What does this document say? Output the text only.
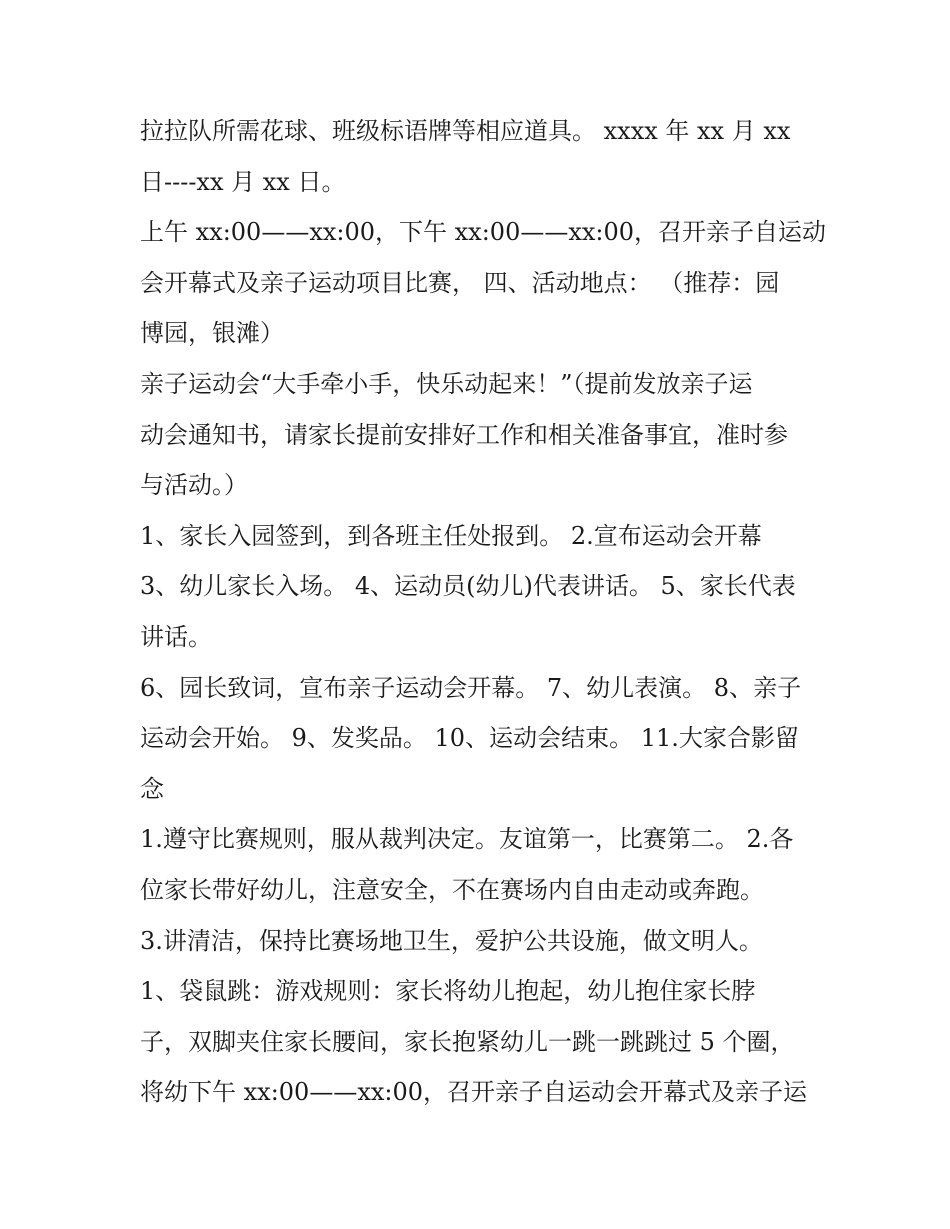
拉拉队所需花球、班级标语牌等相应道具。 xxxx 年 xx 月 xx
日----xx 月 xx 日。
上午 xx:00——xx:00，下午 xx:00——xx:00，召开亲子自运动
会开幕式及亲子运动项目比赛， 四、活动地点： （推荐：园
博园，银滩）
亲子运动会“大手牵小手，快乐动起来！”（提前发放亲子运
动会通知书，请家长提前安排好工作和相关准备事宜，准时参
与活动。）
1、家长入园签到，到各班主任处报到。 2.宣布运动会开幕
3、幼儿家长入场。 4、运动员(幼儿)代表讲话。 5、家长代表
讲话。
6、园长致词，宣布亲子运动会开幕。 7、幼儿表演。 8、亲子
运动会开始。 9、发奖品。 10、运动会结束。 11.大家合影留
念
1.遵守比赛规则，服从裁判决定。友谊第一，比赛第二。 2.各
位家长带好幼儿，注意安全，不在赛场内自由走动或奔跑。
3.讲清洁，保持比赛场地卫生，爱护公共设施，做文明人。
1、袋鼠跳：游戏规则：家长将幼儿抱起，幼儿抱住家长脖
子，双脚夹住家长腰间，家长抱紧幼儿一跳一跳跳过 5 个圈，
将幼下午 xx:00——xx:00，召开亲子自运动会开幕式及亲子运
